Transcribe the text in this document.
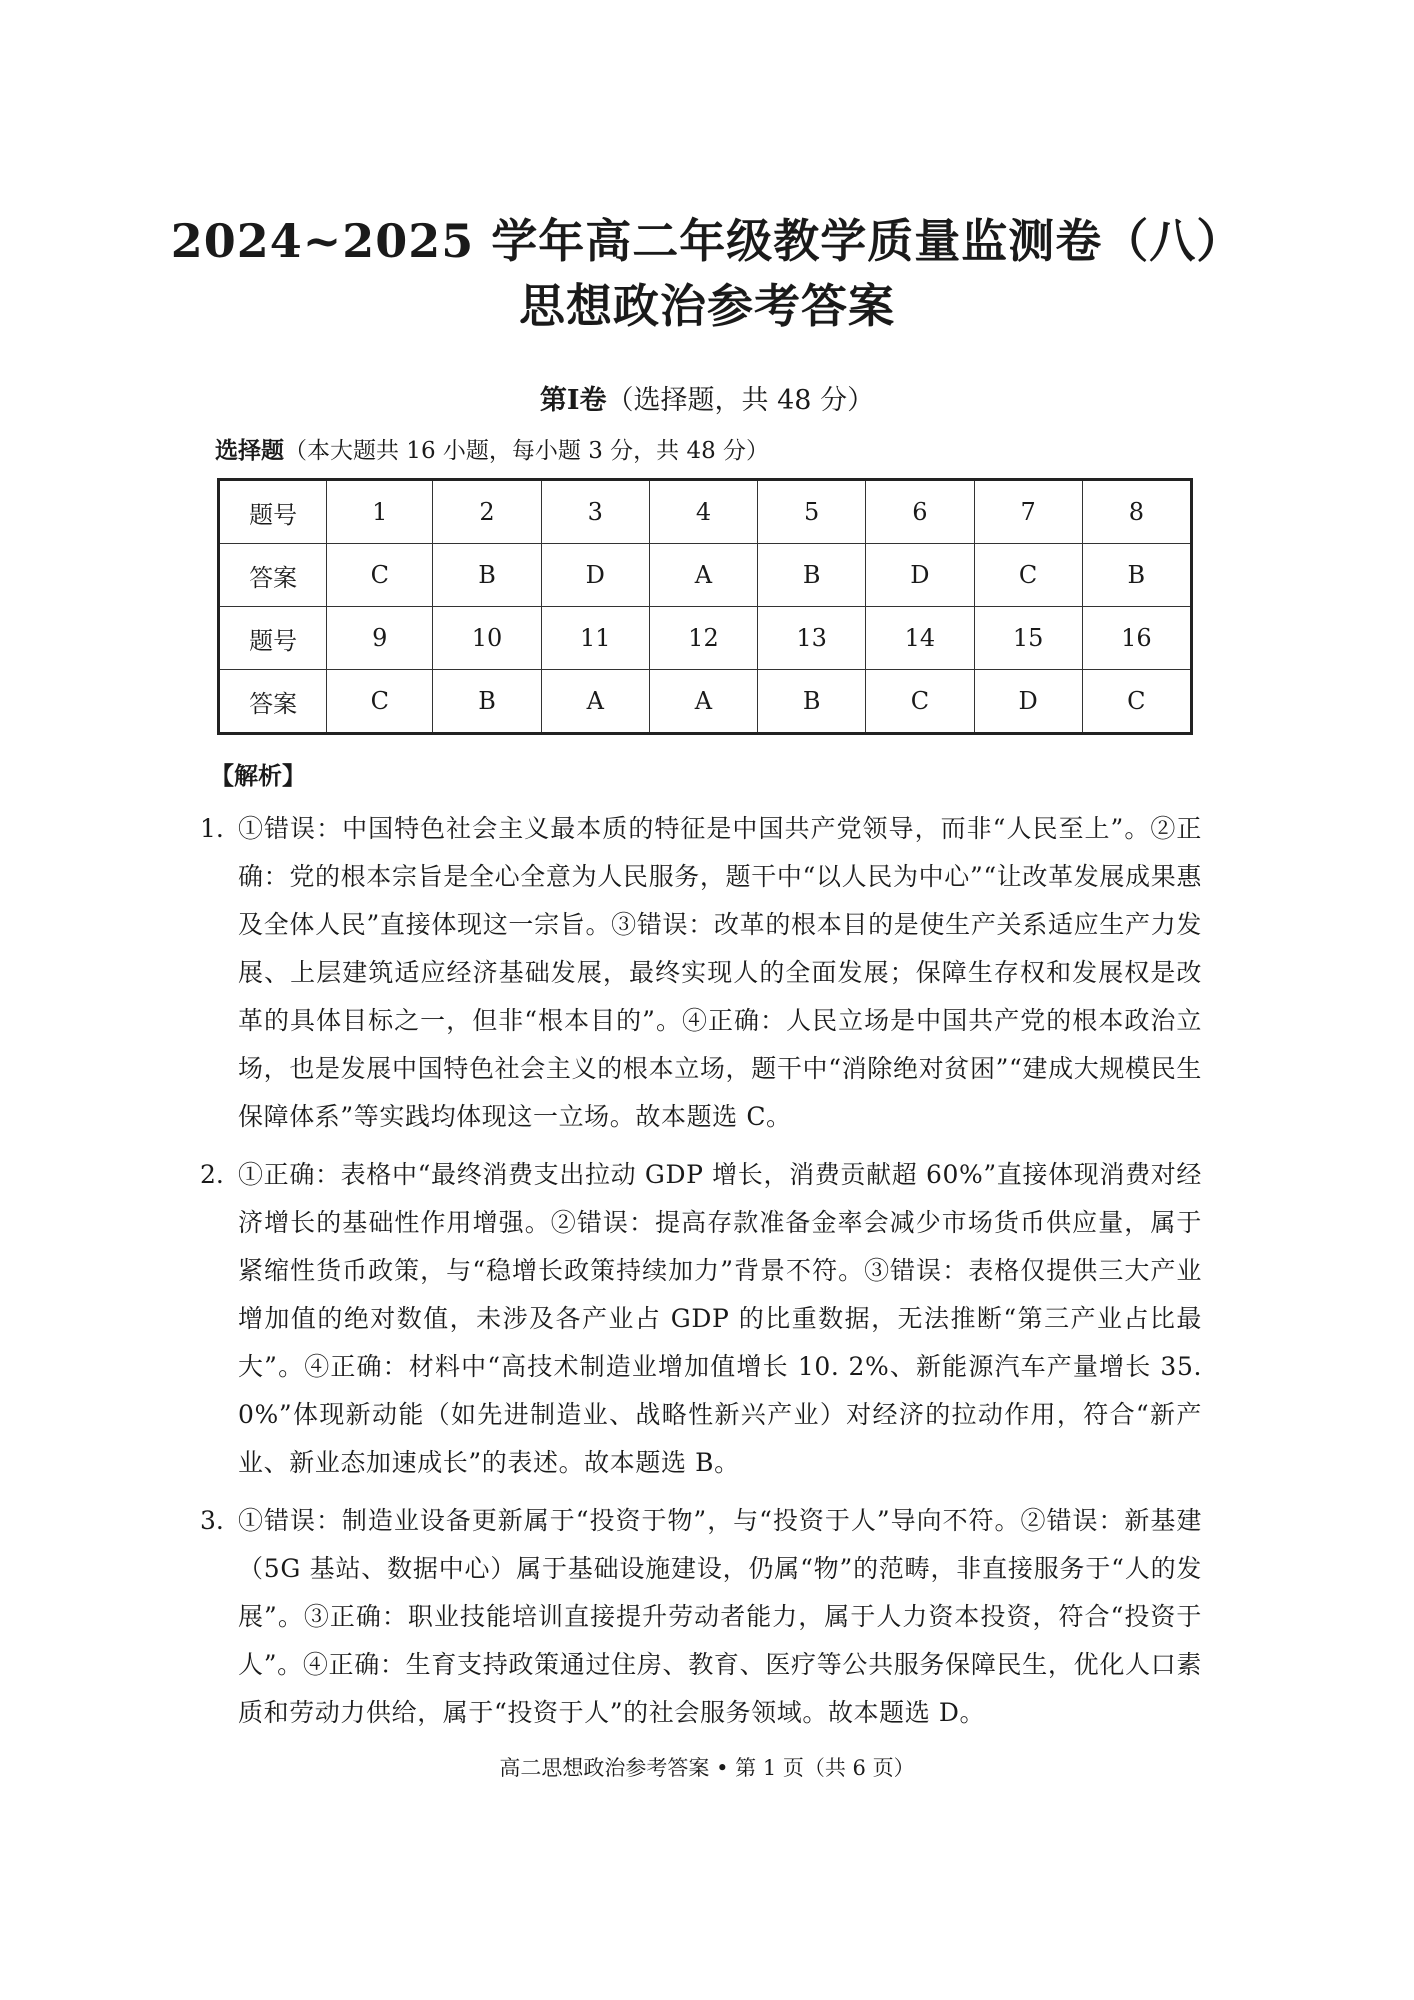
2024~2025 学年高二年级教学质量监测卷（八）
思想政治参考答案
第Ⅰ卷（选择题，共 48 分）
选择题（本大题共 16 小题，每小题 3 分，共 48 分）
题号	1	2	3	4	5	6	7	8
答案	C	B	D	A	B	D	C	B
题号	9	10	11	12	13	14	15	16
答案	C	B	A	A	B	C	D	C
【解析】
1. ①错误：中国特色社会主义最本质的特征是中国共产党领导，而非“人民至上”。②正确：党的根本宗旨是全心全意为人民服务，题干中“以人民为中心”“让改革发展成果惠及全体人民”直接体现这一宗旨。③错误：改革的根本目的是使生产关系适应生产力发展、上层建筑适应经济基础发展，最终实现人的全面发展；保障生存权和发展权是改革的具体目标之一，但非“根本目的”。④正确：人民立场是中国共产党的根本政治立场，也是发展中国特色社会主义的根本立场，题干中“消除绝对贫困”“建成大规模民生保障体系”等实践均体现这一立场。故本题选 C。
2. ①正确：表格中“最终消费支出拉动 GDP 增长，消费贡献超 60%”直接体现消费对经济增长的基础性作用增强。②错误：提高存款准备金率会减少市场货币供应量，属于紧缩性货币政策，与“稳增长政策持续加力”背景不符。③错误：表格仅提供三大产业增加值的绝对数值，未涉及各产业占 GDP 的比重数据，无法推断“第三产业占比最大”。④正确：材料中“高技术制造业增加值增长 10. 2%、新能源汽车产量增长 35. 0%”体现新动能（如先进制造业、战略性新兴产业）对经济的拉动作用，符合“新产业、新业态加速成长”的表述。故本题选 B。
3. ①错误：制造业设备更新属于“投资于物”，与“投资于人”导向不符。②错误：新基建（5G 基站、数据中心）属于基础设施建设，仍属“物”的范畴，非直接服务于“人的发展”。③正确：职业技能培训直接提升劳动者能力，属于人力资本投资，符合“投资于人”。④正确：生育支持政策通过住房、教育、医疗等公共服务保障民生，优化人口素质和劳动力供给，属于“投资于人”的社会服务领域。故本题选 D。
高二思想政治参考答案 • 第 1 页（共 6 页）
